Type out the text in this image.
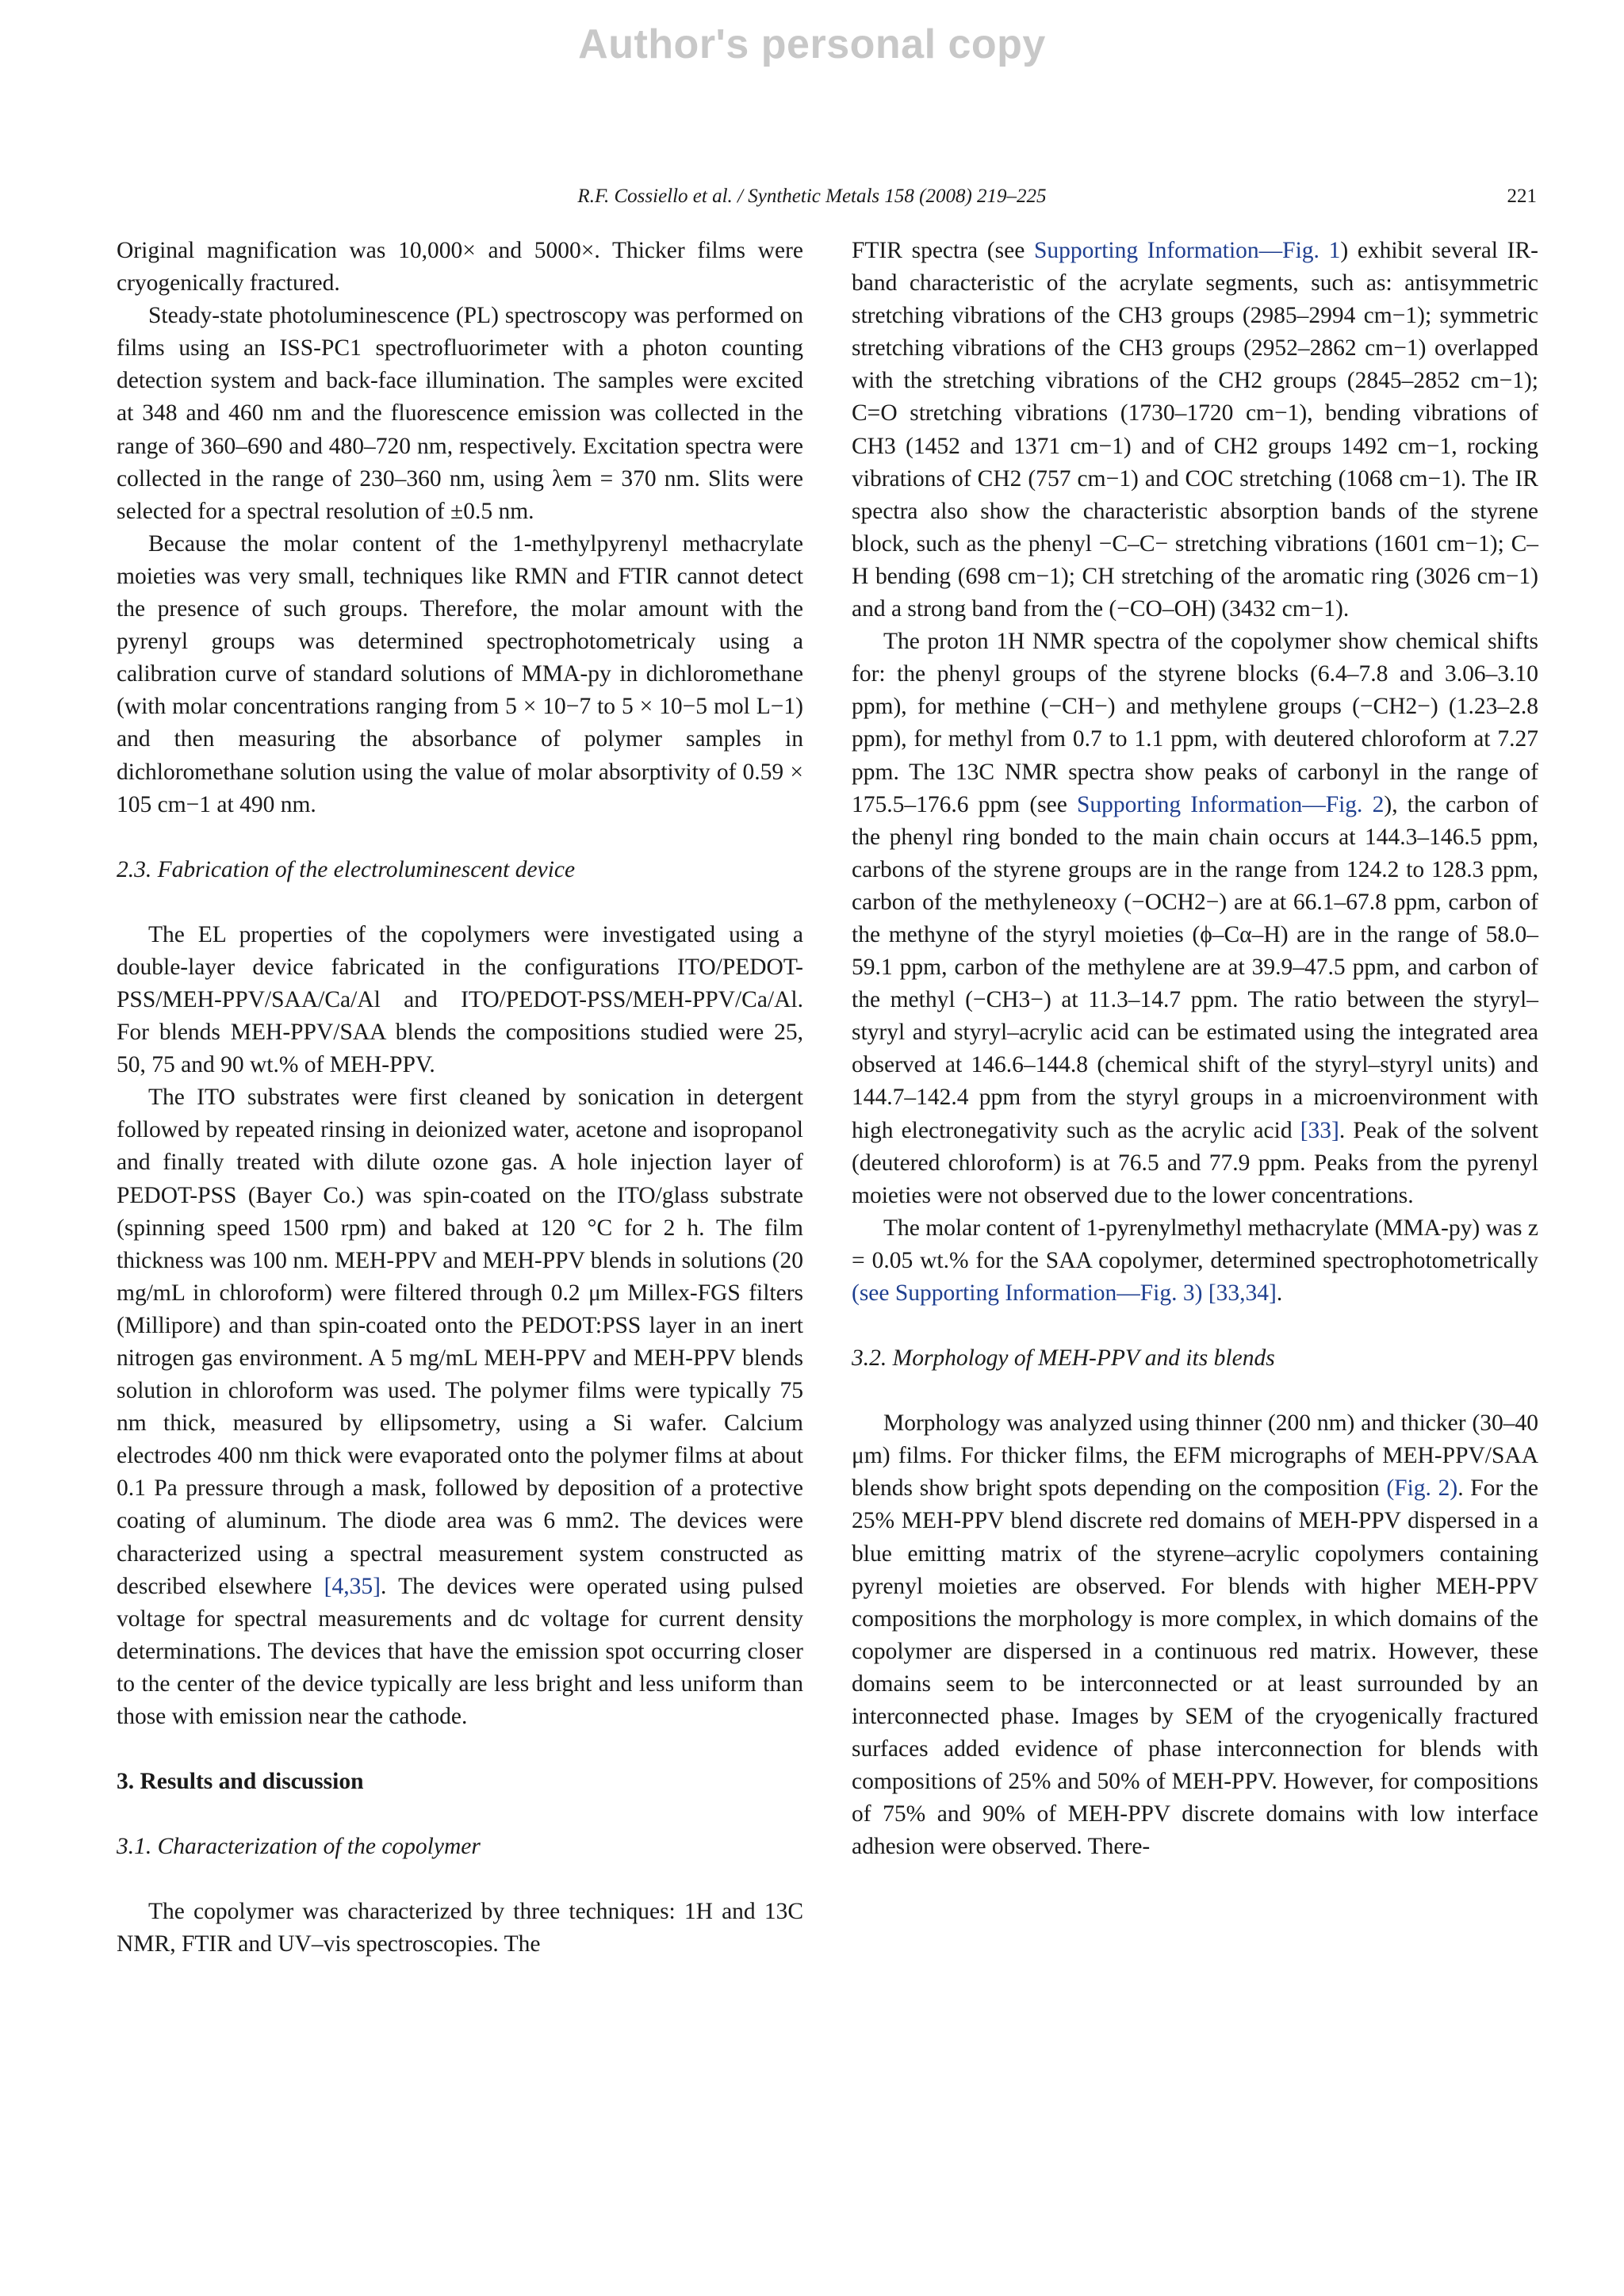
Author's personal copy
R.F. Cossiello et al. / Synthetic Metals 158 (2008) 219–225	221

Original magnification was 10,000× and 5000×. Thicker films were cryogenically fractured.

Steady-state photoluminescence (PL) spectroscopy was performed on films using an ISS-PC1 spectrofluorimeter with a photon counting detection system and back-face illumination. The samples were excited at 348 and 460 nm and the fluorescence emission was collected in the range of 360–690 and 480–720 nm, respectively. Excitation spectra were collected in the range of 230–360 nm, using λem = 370 nm. Slits were selected for a spectral resolution of ±0.5 nm.

Because the molar content of the 1-methylpyrenyl methacrylate moieties was very small, techniques like RMN and FTIR cannot detect the presence of such groups. Therefore, the molar amount with the pyrenyl groups was determined spectrophotometricaly using a calibration curve of standard solutions of MMA-py in dichloromethane (with molar concentrations ranging from 5 × 10−7 to 5 × 10−5 mol L−1) and then measuring the absorbance of polymer samples in dichloromethane solution using the value of molar absorptivity of 0.59 × 105 cm−1 at 490 nm.

2.3. Fabrication of the electroluminescent device

The EL properties of the copolymers were investigated using a double-layer device fabricated in the configurations ITO/PEDOT-PSS/MEH-PPV/SAA/Ca/Al and ITO/PEDOT-PSS/MEH-PPV/Ca/Al. For blends MEH-PPV/SAA blends the compositions studied were 25, 50, 75 and 90 wt.% of MEH-PPV.

The ITO substrates were first cleaned by sonication in detergent followed by repeated rinsing in deionized water, acetone and isopropanol and finally treated with dilute ozone gas. A hole injection layer of PEDOT-PSS (Bayer Co.) was spin-coated on the ITO/glass substrate (spinning speed 1500 rpm) and baked at 120 °C for 2 h. The film thickness was 100 nm. MEH-PPV and MEH-PPV blends in solutions (20 mg/mL in chloroform) were filtered through 0.2 μm Millex-FGS filters (Millipore) and than spin-coated onto the PEDOT:PSS layer in an inert nitrogen gas environment. A 5 mg/mL MEH-PPV and MEH-PPV blends solution in chloroform was used. The polymer films were typically 75 nm thick, measured by ellipsometry, using a Si wafer. Calcium electrodes 400 nm thick were evaporated onto the polymer films at about 0.1 Pa pressure through a mask, followed by deposition of a protective coating of aluminum. The diode area was 6 mm2. The devices were characterized using a spectral measurement system constructed as described elsewhere [4,35]. The devices were operated using pulsed voltage for spectral measurements and dc voltage for current density determinations. The devices that have the emission spot occurring closer to the center of the device typically are less bright and less uniform than those with emission near the cathode.

3. Results and discussion
3.1. Characterization of the copolymer

The copolymer was characterized by three techniques: 1H and 13C NMR, FTIR and UV–vis spectroscopies. The

FTIR spectra (see Supporting Information—Fig. 1) exhibit several IR-band characteristic of the acrylate segments, such as: antisymmetric stretching vibrations of the CH3 groups (2985–2994 cm−1); symmetric stretching vibrations of the CH3 groups (2952–2862 cm−1) overlapped with the stretching vibrations of the CH2 groups (2845–2852 cm−1); C=O stretching vibrations (1730–1720 cm−1), bending vibrations of CH3 (1452 and 1371 cm−1) and of CH2 groups 1492 cm−1, rocking vibrations of CH2 (757 cm−1) and COC stretching (1068 cm−1). The IR spectra also show the characteristic absorption bands of the styrene block, such as the phenyl −C–C− stretching vibrations (1601 cm−1); C–H bending (698 cm−1); CH stretching of the aromatic ring (3026 cm−1) and a strong band from the (−CO–OH) (3432 cm−1).

The proton 1H NMR spectra of the copolymer show chemical shifts for: the phenyl groups of the styrene blocks (6.4–7.8 and 3.06–3.10 ppm), for methine (−CH−) and methylene groups (−CH2−) (1.23–2.8 ppm), for methyl from 0.7 to 1.1 ppm, with deutered chloroform at 7.27 ppm. The 13C NMR spectra show peaks of carbonyl in the range of 175.5–176.6 ppm (see Supporting Information—Fig. 2), the carbon of the phenyl ring bonded to the main chain occurs at 144.3–146.5 ppm, carbons of the styrene groups are in the range from 124.2 to 128.3 ppm, carbon of the methyleneoxy (−OCH2−) are at 66.1–67.8 ppm, carbon of the methyne of the styryl moieties (ϕ–Cα–H) are in the range of 58.0–59.1 ppm, carbon of the methylene are at 39.9–47.5 ppm, and carbon of the methyl (−CH3−) at 11.3–14.7 ppm. The ratio between the styryl–styryl and styryl–acrylic acid can be estimated using the integrated area observed at 146.6–144.8 (chemical shift of the styryl–styryl units) and 144.7–142.4 ppm from the styryl groups in a microenvironment with high electronegativity such as the acrylic acid [33]. Peak of the solvent (deutered chloroform) is at 76.5 and 77.9 ppm. Peaks from the pyrenyl moieties were not observed due to the lower concentrations.

The molar content of 1-pyrenylmethyl methacrylate (MMA-py) was z = 0.05 wt.% for the SAA copolymer, determined spectrophotometrically (see Supporting Information—Fig. 3) [33,34].

3.2. Morphology of MEH-PPV and its blends

Morphology was analyzed using thinner (200 nm) and thicker (30–40 μm) films. For thicker films, the EFM micrographs of MEH-PPV/SAA blends show bright spots depending on the composition (Fig. 2). For the 25% MEH-PPV blend discrete red domains of MEH-PPV dispersed in a blue emitting matrix of the styrene–acrylic copolymers containing pyrenyl moieties are observed. For blends with higher MEH-PPV compositions the morphology is more complex, in which domains of the copolymer are dispersed in a continuous red matrix. However, these domains seem to be interconnected or at least surrounded by an interconnected phase. Images by SEM of the cryogenically fractured surfaces added evidence of phase interconnection for blends with compositions of 25% and 50% of MEH-PPV. However, for compositions of 75% and 90% of MEH-PPV discrete domains with low interface adhesion were observed. There-
